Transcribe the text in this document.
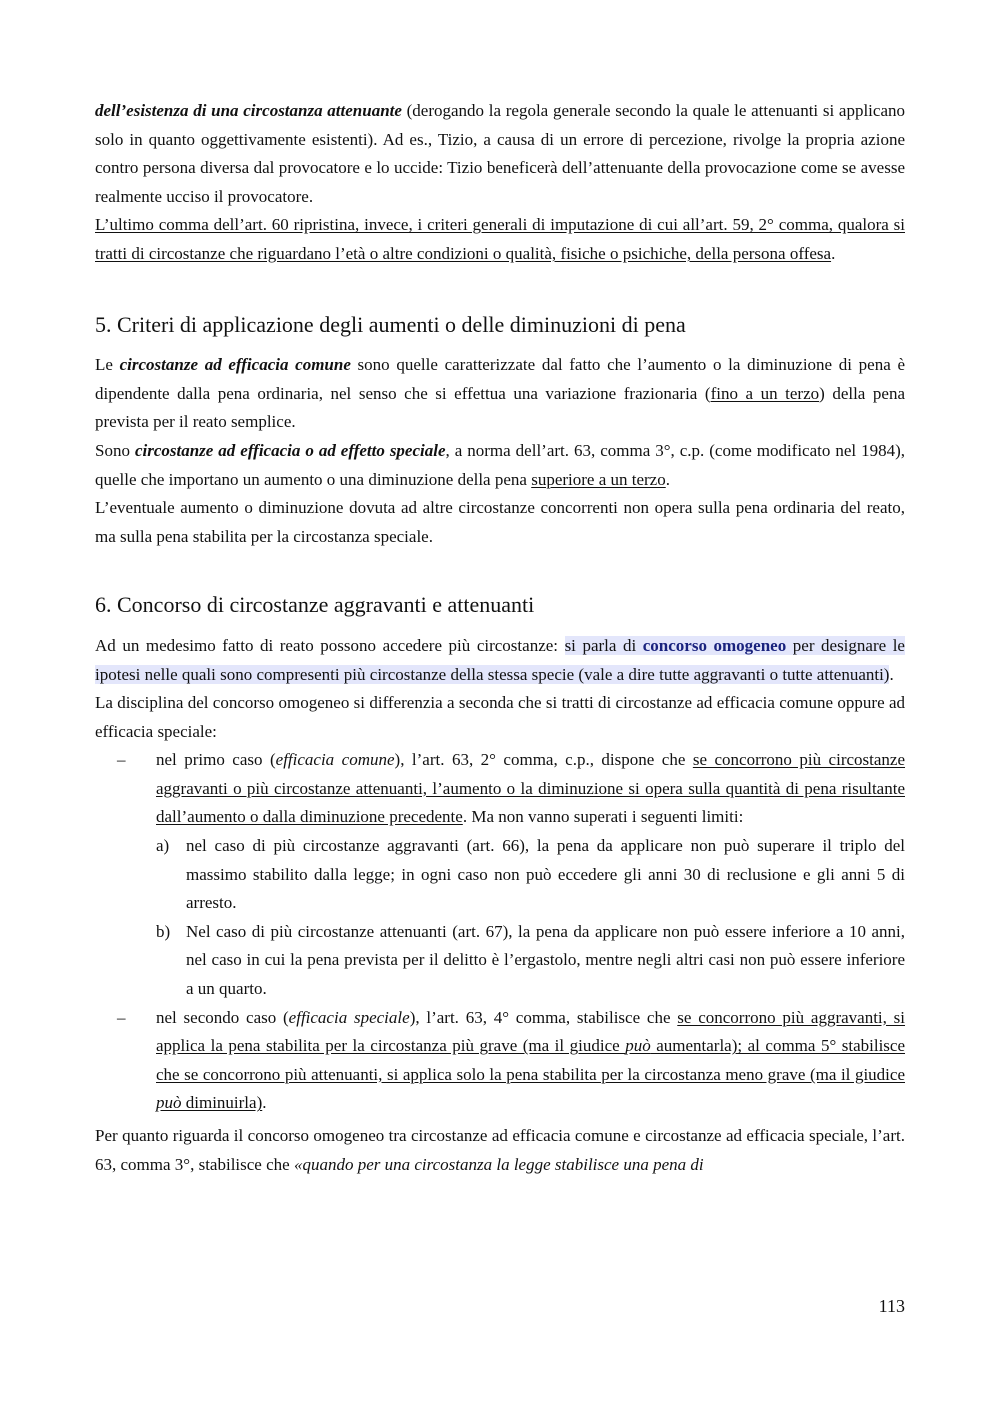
dell’esistenza di una circostanza attenuante (derogando la regola generale secondo la quale le attenuanti si applicano solo in quanto oggettivamente esistenti). Ad es., Tizio, a causa di un errore di percezione, rivolge la propria azione contro persona diversa dal provocatore e lo uccide: Tizio beneficerà dell’attenuante della provocazione come se avesse realmente ucciso il provocatore.

L’ultimo comma dell’art. 60 ripristina, invece, i criteri generali di imputazione di cui all’art. 59, 2° comma, qualora si tratti di circostanze che riguardano l’età o altre condizioni o qualità, fisiche o psichiche, della persona offesa.

5. Criteri di applicazione degli aumenti o delle diminuzioni di pena

Le circostanze ad efficacia comune sono quelle caratterizzate dal fatto che l’aumento o la diminuzione di pena è dipendente dalla pena ordinaria, nel senso che si effettua una variazione frazionaria (fino a un terzo) della pena prevista per il reato semplice.

Sono circostanze ad efficacia o ad effetto speciale, a norma dell’art. 63, comma 3°, c.p. (come modificato nel 1984), quelle che importano un aumento o una diminuzione della pena superiore a un terzo.

L’eventuale aumento o diminuzione dovuta ad altre circostanze concorrenti non opera sulla pena ordinaria del reato, ma sulla pena stabilita per la circostanza speciale.

6. Concorso di circostanze aggravanti e attenuanti

Ad un medesimo fatto di reato possono accedere più circostanze: si parla di concorso omogeneo per designare le ipotesi nelle quali sono compresenti più circostanze della stessa specie (vale a dire tutte aggravanti o tutte attenuanti).

La disciplina del concorso omogeneo si differenzia a seconda che si tratti di circostanze ad efficacia comune oppure ad efficacia speciale:

– nel primo caso (efficacia comune), l’art. 63, 2° comma, c.p., dispone che se concorrono più circostanze aggravanti o più circostanze attenuanti, l’aumento o la diminuzione si opera sulla quantità di pena risultante dall’aumento o dalla diminuzione precedente. Ma non vanno superati i seguenti limiti:

a) nel caso di più circostanze aggravanti (art. 66), la pena da applicare non può superare il triplo del massimo stabilito dalla legge; in ogni caso non può eccedere gli anni 30 di reclusione e gli anni 5 di arresto.

b) Nel caso di più circostanze attenuanti (art. 67), la pena da applicare non può essere inferiore a 10 anni, nel caso in cui la pena prevista per il delitto è l’ergastolo, mentre negli altri casi non può essere inferiore a un quarto.

– nel secondo caso (efficacia speciale), l’art. 63, 4° comma, stabilisce che se concorrono più aggravanti, si applica la pena stabilita per la circostanza più grave (ma il giudice può aumentarla); al comma 5° stabilisce che se concorrono più attenuanti, si applica solo la pena stabilita per la circostanza meno grave (ma il giudice può diminuirla).

Per quanto riguarda il concorso omogeneo tra circostanze ad efficacia comune e circostanze ad efficacia speciale, l’art. 63, comma 3°, stabilisce che «quando per una circostanza la legge stabilisce una pena di

113
